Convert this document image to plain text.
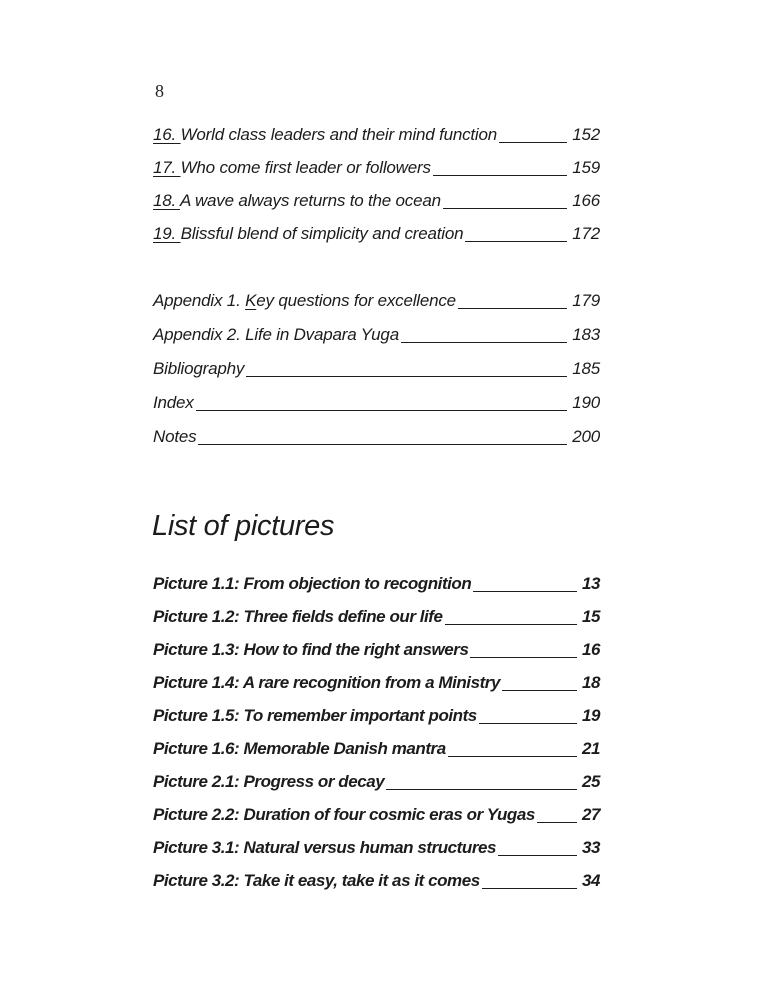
8
16. World class leaders and their mind function	152
17. Who come first leader or followers	159
18. A wave always returns to the ocean	166
19. Blissful blend of simplicity and creation	172
Appendix 1. Key questions for excellence	179
Appendix 2. Life in Dvapara Yuga	183
Bibliography	185
Index	190
Notes	200
List of pictures
Picture 1.1: From objection to recognition	13
Picture 1.2: Three fields define our life	15
Picture 1.3: How to find the right answers	16
Picture 1.4: A rare recognition from a Ministry	18
Picture 1.5: To remember important points	19
Picture 1.6: Memorable Danish mantra	21
Picture 2.1: Progress or decay	25
Picture 2.2: Duration of four cosmic eras or Yugas	27
Picture 3.1: Natural versus human structures	33
Picture 3.2: Take it easy, take it as it comes	34
